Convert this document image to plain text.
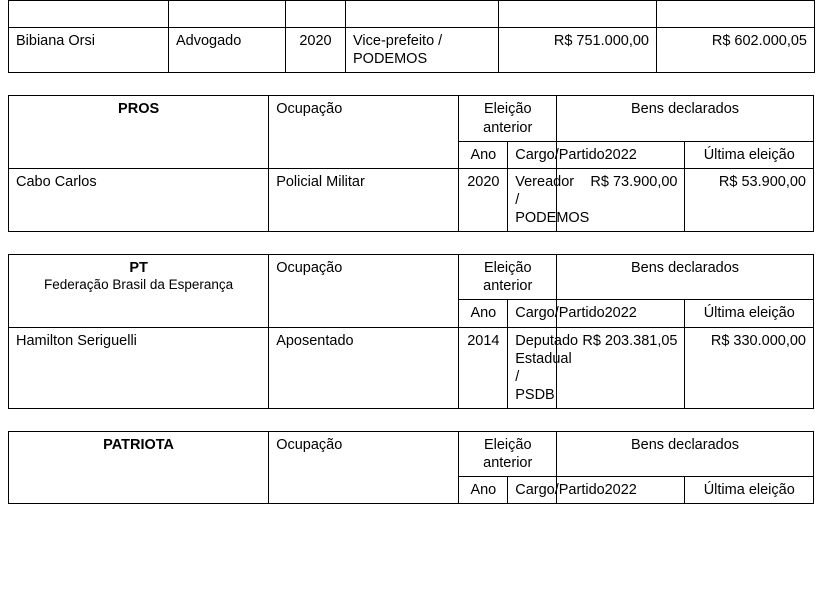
Bibiana Orsi	Advogado	2020	Vice-prefeito / PODEMOS	R$ 751.000,00	R$ 602.000,05
PROS	Ocupação	Eleição anterior		Bens declarados	
		Ano	Cargo/Partido	2022	Última eleição
Cabo Carlos	Policial Militar	2020	Vereador / PODEMOS	R$ 73.900,00	R$ 53.900,00
PT
Federação Brasil da Esperança	Ocupação	Eleição anterior		Bens declarados	
		Ano	Cargo/Partido	2022	Última eleição
Hamilton Seriguelli	Aposentado	2014	Deputado Estadual / PSDB	R$ 203.381,05	R$ 330.000,00
PATRIOTA	Ocupação	Eleição anterior		Bens declarados	
		Ano	Cargo/Partido	2022	Última eleição
